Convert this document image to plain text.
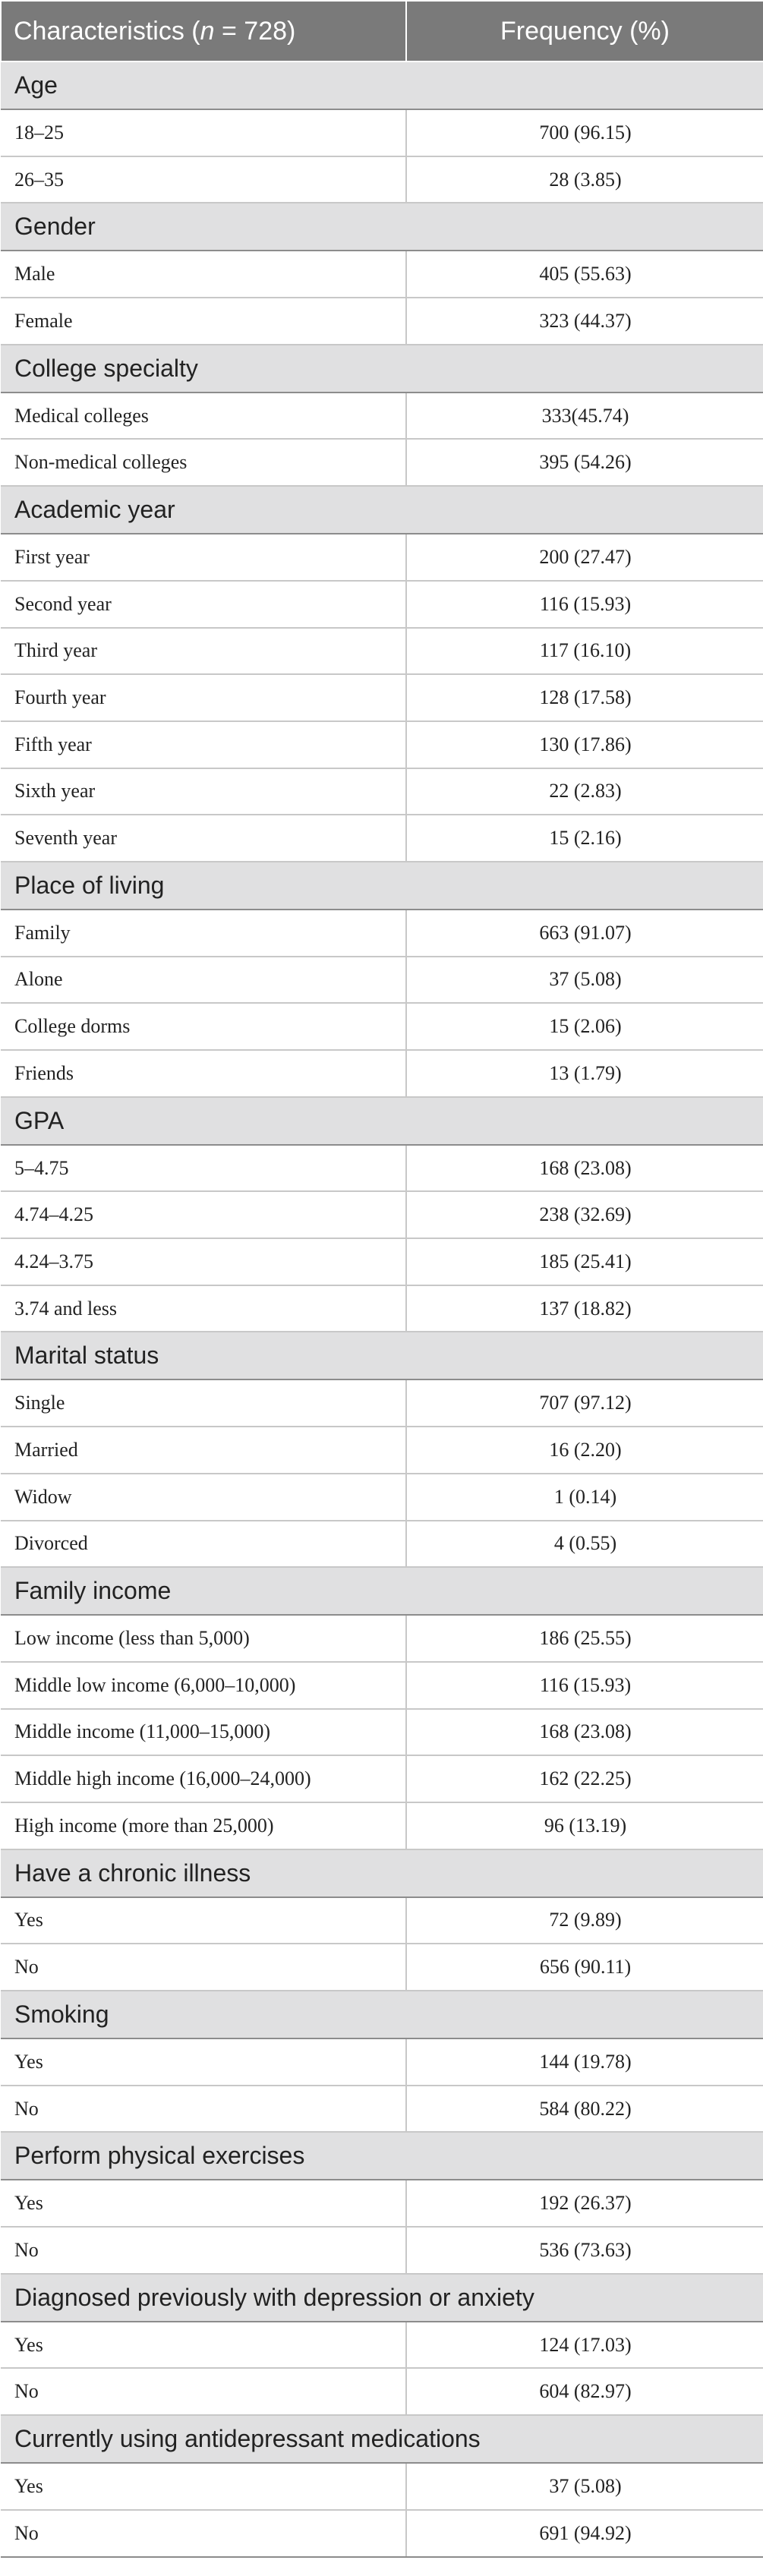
Characteristics (n = 728)	Frequency (%)
Age	
18–25	700 (96.15)
26–35	28 (3.85)
Gender	
Male	405 (55.63)
Female	323 (44.37)
College specialty	
Medical colleges	333(45.74)
Non-medical colleges	395 (54.26)
Academic year	
First year	200 (27.47)
Second year	116 (15.93)
Third year	117 (16.10)
Fourth year	128 (17.58)
Fifth year	130 (17.86)
Sixth year	22 (2.83)
Seventh year	15 (2.16)
Place of living	
Family	663 (91.07)
Alone	37 (5.08)
College dorms	15 (2.06)
Friends	13 (1.79)
GPA	
5–4.75	168 (23.08)
4.74–4.25	238 (32.69)
4.24–3.75	185 (25.41)
3.74 and less	137 (18.82)
Marital status	
Single	707 (97.12)
Married	16 (2.20)
Widow	1 (0.14)
Divorced	4 (0.55)
Family income	
Low income (less than 5,000)	186 (25.55)
Middle low income (6,000–10,000)	116 (15.93)
Middle income (11,000–15,000)	168 (23.08)
Middle high income (16,000–24,000)	162 (22.25)
High income (more than 25,000)	96 (13.19)
Have a chronic illness	
Yes	72 (9.89)
No	656 (90.11)
Smoking	
Yes	144 (19.78)
No	584 (80.22)
Perform physical exercises	
Yes	192 (26.37)
No	536 (73.63)
Diagnosed previously with depression or anxiety	
Yes	124 (17.03)
No	604 (82.97)
Currently using antidepressant medications	
Yes	37 (5.08)
No	691 (94.92)
